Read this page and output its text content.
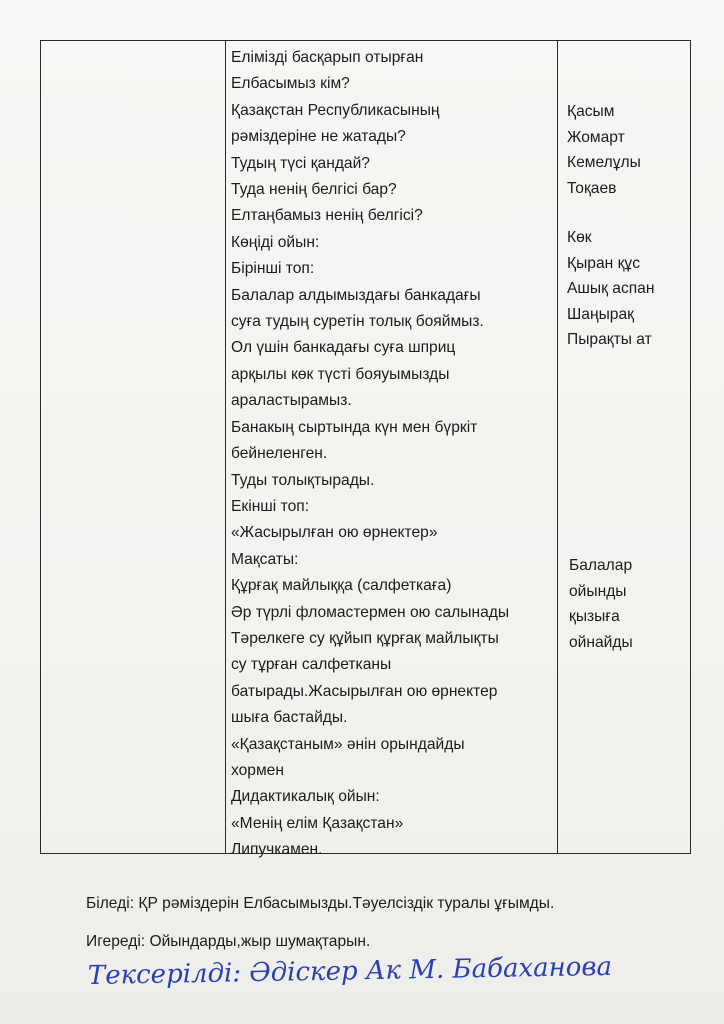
Елімізді басқарып отырған
Елбасымыз кім?
Қазақстан Республикасының
рәміздеріне не жатады?
Тудың түсі қандай?
Туда ненің белгісі бар?
Елтаңбамыз ненің белгісі?
Көңіді ойын:
Бірінші топ:
Балалар алдымыздағы банкадағы
суға тудың суретін толық бояймыз.
Ол үшін банкадағы суға шприц
арқылы көк түсті бояуымызды
араластырамыз.
Банакың сыртында күн мен бүркіт
бейнеленген.
Туды толықтырады.
Екінші топ:
«Жасырылған ою өрнектер»
Мақсаты:
Құрғақ майлыққа (салфеткаға)
Әр түрлі фломастермен ою салынады
Тәрелкеге су құйып құрғақ майлықты
су тұрған салфетканы
батырады.Жасырылған ою өрнектер
шыға бастайды.
«Қазақстаным» әнін орындайды
хормен
Дидактикалық ойын:
«Менің елім Қазақстан»
Липучкамен.
Қасым
Жомарт
Кемелұлы
Тоқаев
Көк
Қыран құс
Ашық аспан
Шаңырақ
Пырақты ат
Балалар
ойынды
қызыға
ойнайды
Біледі: ҚР рәміздерін Елбасымызды.Тәуелсіздік туралы ұғымды.
Игереді: Ойындарды,жыр шумақтарын.
Тексерілді: Әдіскер Ак М. Бабаханова
